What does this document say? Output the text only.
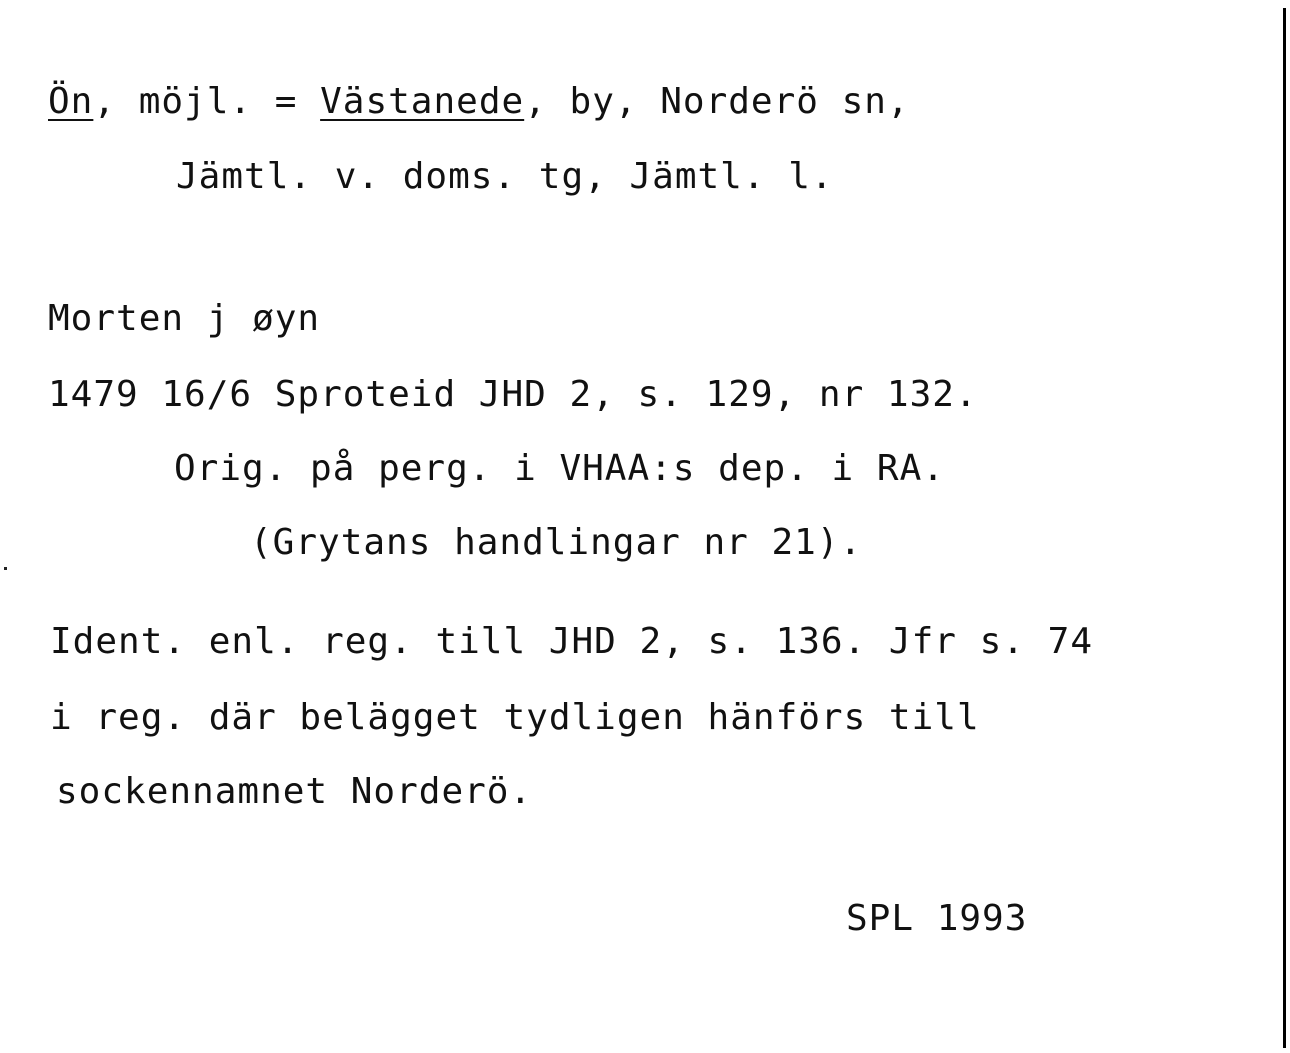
Ön, möjl. = Västanede, by, Norderö sn,
Jämtl. v. doms. tg, Jämtl. l.
Morten j øyn
1479 16/6 Sproteid JHD 2, s. 129, nr 132.
Orig. på perg. i VHAA:s dep. i RA.
(Grytans handlingar nr 21).
Ident. enl. reg. till JHD 2, s. 136. Jfr s. 74
i reg. där belägget tydligen hänförs till
sockennamnet Norderö.
SPL 1993
